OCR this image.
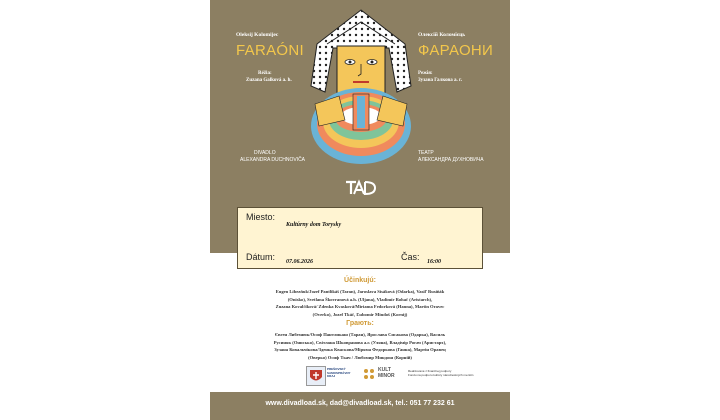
Oleksij Kolomijec
FARAÓNI
Réžia:
Zuzana Galková a. h.
DIVADLO
ALEXANDRA DUCHNOVIČA
Олексій Коломієць
ФАРАОНИ
Режія:
Зузана Галкова а. г.
ТЕАТР
АЛЕКСАНДРА ДУХНОВИЧА
Miesto:
Kultúrny dom Torysky
Dátum: 07.06.2026	Čas: 16:00
Účinkujú:
Eugen Libezňuk/Jozef Pantlikáš (Taran), Jaroslava Sisáková (Odarka), Vasiľ Rusiňák
(Onisko), Svetlana Škovranová a.h. (Uljana), Vladimír Rohač (Aristarch),
Zuzana Kovalčíková/ Zdenka Kvasková/Miriama Fedorková (Hanna), Martin Oravec
(Overko), Jozef Tkáč, Ľubomír Mindoš (Kornij)
Грають:
Євген Либезнюк/Осиф Пантликаш (Таран), Ярослава Сисакова (Одарка), Василь
Русиняк (Онисько), Світлана Шковранова а.г. (Уляна), Владімір Рогач (Аристарх),
Зузана Ковальчікова/Зденка Квaскова/Міряма Федоркова (Ганна), Мартін Оравец
(Оверко) Осиф Ткач / Любомир Миндош (Корній)
PREŠOVSKÝ
SAMOSPRÁVNY
KRAJ
KULT
MINOR
Realizované z finančnej podpory
Fondu na podporu kultúry národnostných menšín
www.divadload.sk, dad@divadload.sk, tel.: 051 77 232 61
